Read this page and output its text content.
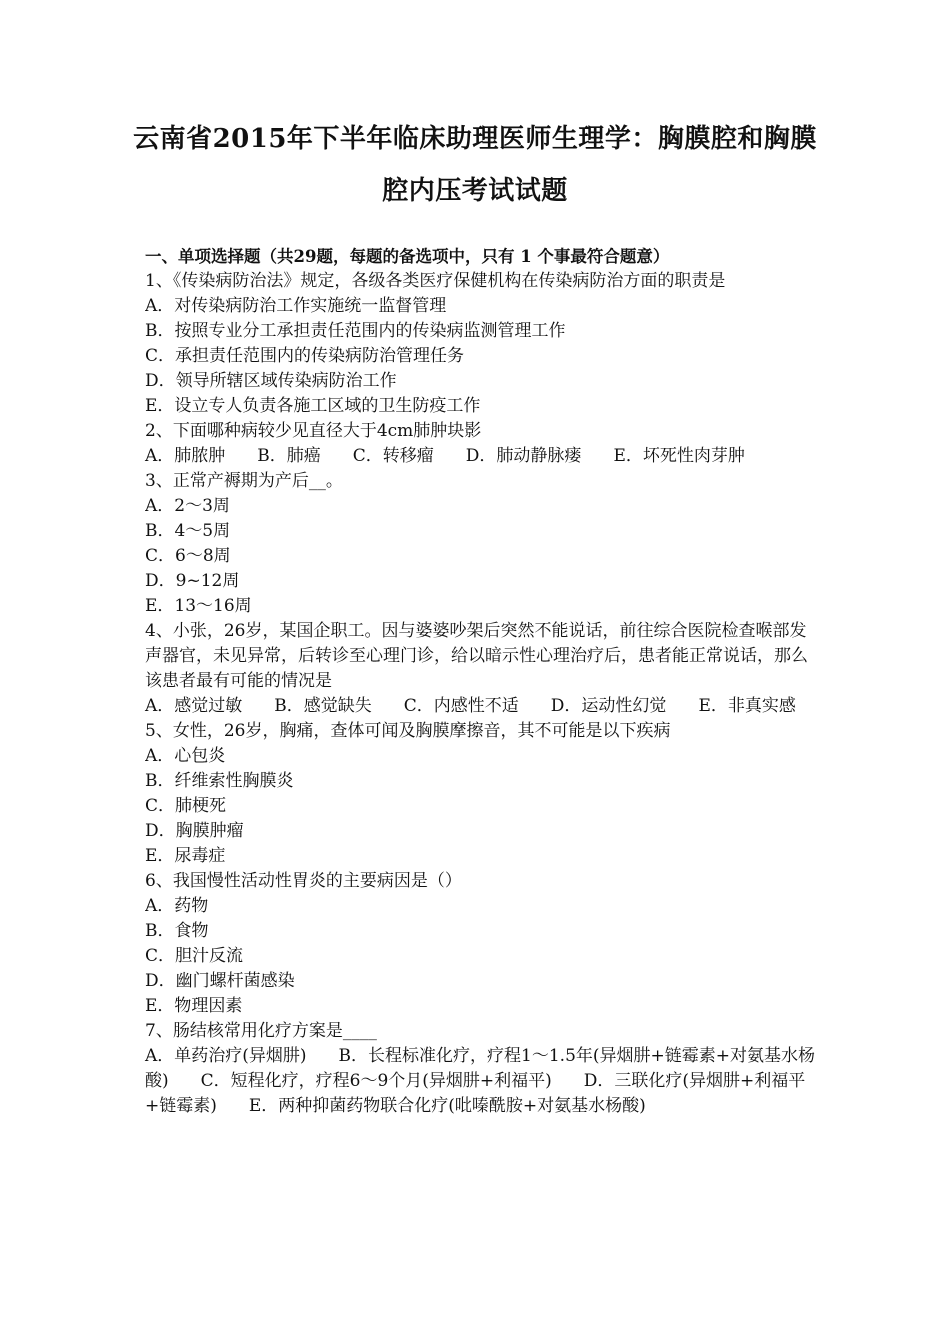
云南省2015年下半年临床助理医师生理学：胸膜腔和胸膜
腔内压考试试题
一、单项选择题（共29题，每题的备选项中，只有 1 个事最符合题意）
1、《传染病防治法》规定，各级各类医疗保健机构在传染病防治方面的职责是
A．对传染病防治工作实施统一监督管理
B．按照专业分工承担责任范围内的传染病监测管理工作
C．承担责任范围内的传染病防治管理任务
D．领导所辖区域传染病防治工作
E．设立专人负责各施工区域的卫生防疫工作
2、下面哪种病较少见直径大于4cm肺肿块影
A．肺脓肿 B．肺癌 C．转移瘤 D．肺动静脉瘘 E．坏死性肉芽肿
3、正常产褥期为产后__。
A．2～3周
B．4～5周
C．6～8周
D．9~12周
E．13～16周
4、小张，26岁，某国企职工。因与婆婆吵架后突然不能说话，前往综合医院检查喉部发声器官，未见异常，后转诊至心理门诊，给以暗示性心理治疗后，患者能正常说话，那么该患者最有可能的情况是
A．感觉过敏 B．感觉缺失 C．内感性不适 D．运动性幻觉 E．非真实感
5、女性，26岁，胸痛，查体可闻及胸膜摩擦音，其不可能是以下疾病
A．心包炎
B．纤维索性胸膜炎
C．肺梗死
D．胸膜肿瘤
E．尿毒症
6、我国慢性活动性胃炎的主要病因是（）
A．药物
B．食物
C．胆汁反流
D．幽门螺杆菌感染
E．物理因素
7、肠结核常用化疗方案是____
A．单药治疗(异烟肼) B．长程标准化疗，疗程1～1.5年(异烟肼+链霉素+对氨基水杨酸) C．短程化疗，疗程6～9个月(异烟肼+利福平) D．三联化疗(异烟肼+利福平+链霉素) E．两种抑菌药物联合化疗(吡嗪酰胺+对氨基水杨酸)
